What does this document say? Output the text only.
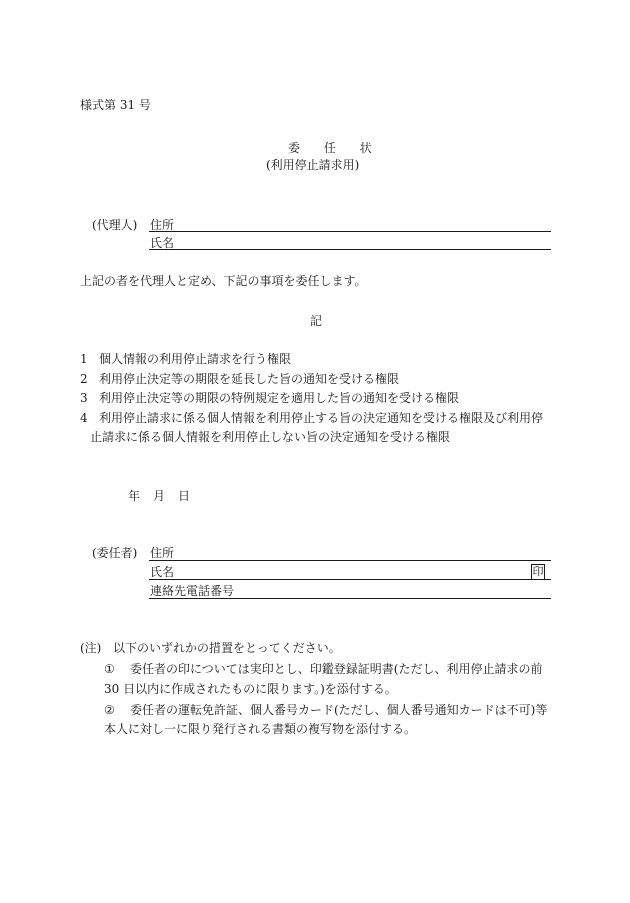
様式第 31 号
委 任 状
(利用停止請求用)
(代理人) 住所
氏名
上記の者を代理人と定め、下記の事項を委任します。
記
1 個人情報の利用停止請求を行う権限
2 利用停止決定等の期限を延長した旨の通知を受ける権限
3 利用停止決定等の期限の特例規定を適用した旨の通知を受ける権限
4 利用停止請求に係る個人情報を利用停止する旨の決定通知を受ける権限及び利用停
止請求に係る個人情報を利用停止しない旨の決定通知を受ける権限
年 月 日
(委任者) 住所
氏名	印
連絡先電話番号
(注) 以下のいずれかの措置をとってください。
① 委任者の印については実印とし、印鑑登録証明書(ただし、利用停止請求の前
30 日以内に作成されたものに限ります。)を添付する。
② 委任者の運転免許証、個人番号カード(ただし、個人番号通知カードは不可)等
本人に対し一に限り発行される書類の複写物を添付する。
